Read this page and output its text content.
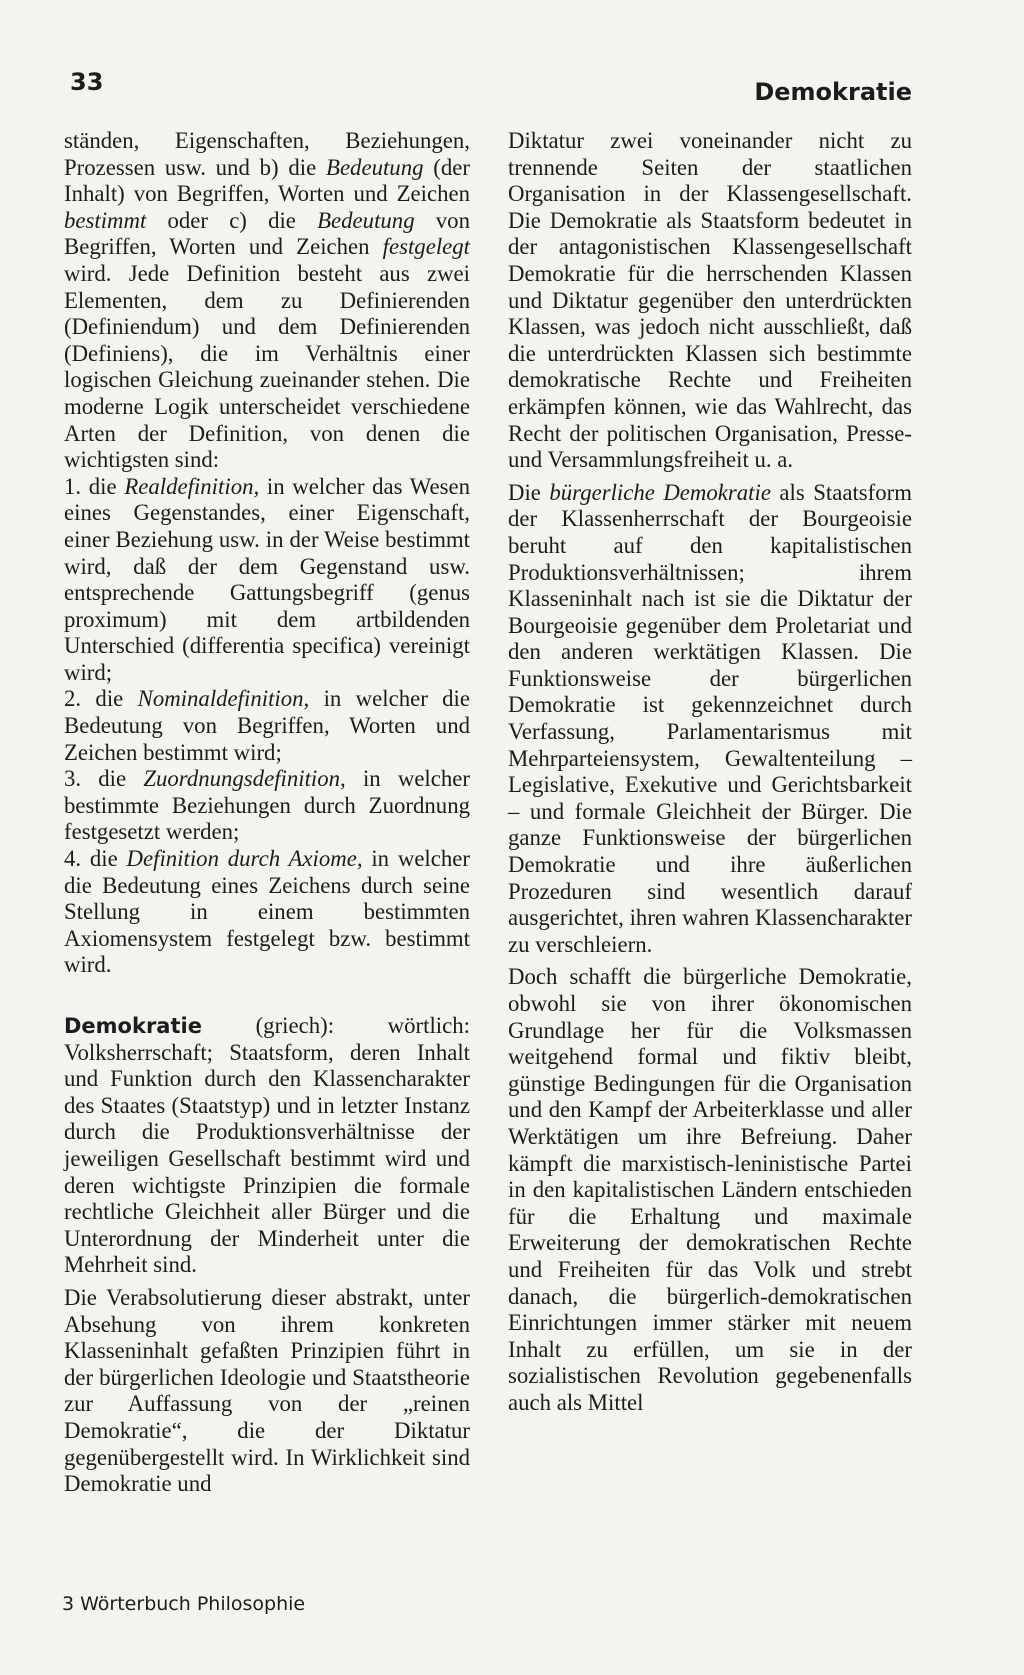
33	Demokratie

ständen, Eigenschaften, Beziehungen, Prozessen usw. und b) die Bedeutung (der Inhalt) von Begriffen, Worten und Zeichen bestimmt oder c) die Bedeutung von Begriffen, Worten und Zeichen festgelegt wird. Jede Definition besteht aus zwei Elementen, dem zu Definierenden (Definiendum) und dem Definierenden (Definiens), die im Verhältnis einer logischen Gleichung zueinander stehen. Die moderne Logik unterscheidet verschiedene Arten der Definition, von denen die wichtigsten sind:

1. die Realdefinition, in welcher das Wesen eines Gegenstandes, einer Eigenschaft, einer Beziehung usw. in der Weise bestimmt wird, daß der dem Gegenstand usw. entsprechende Gattungsbegriff (genus proximum) mit dem artbildenden Unterschied (differentia specifica) vereinigt wird;

2. die Nominaldefinition, in welcher die Bedeutung von Begriffen, Worten und Zeichen bestimmt wird;

3. die Zuordnungsdefinition, in welcher bestimmte Beziehungen durch Zuordnung festgesetzt werden;

4. die Definition durch Axiome, in welcher die Bedeutung eines Zeichens durch seine Stellung in einem bestimmten Axiomensystem festgelegt bzw. bestimmt wird.

Demokratie (griech): wörtlich: Volksherrschaft; Staatsform, deren Inhalt und Funktion durch den Klassencharakter des Staates (Staatstyp) und in letzter Instanz durch die Produktionsverhältnisse der jeweiligen Gesellschaft bestimmt wird und deren wichtigste Prinzipien die formale rechtliche Gleichheit aller Bürger und die Unterordnung der Minderheit unter die Mehrheit sind.

Die Verabsolutierung dieser abstrakt, unter Absehung von ihrem konkreten Klasseninhalt gefaßten Prinzipien führt in der bürgerlichen Ideologie und Staatstheorie zur Auffassung von der „reinen Demokratie“, die der Diktatur gegenübergestellt wird. In Wirklichkeit sind Demokratie und

Diktatur zwei voneinander nicht zu trennende Seiten der staatlichen Organisation in der Klassengesellschaft. Die Demokratie als Staatsform bedeutet in der antagonistischen Klassengesellschaft Demokratie für die herrschenden Klassen und Diktatur gegenüber den unterdrückten Klassen, was jedoch nicht ausschließt, daß die unterdrückten Klassen sich bestimmte demokratische Rechte und Freiheiten erkämpfen können, wie das Wahlrecht, das Recht der politischen Organisation, Presse- und Versammlungsfreiheit u. a.

Die bürgerliche Demokratie als Staatsform der Klassenherrschaft der Bourgeoisie beruht auf den kapitalistischen Produktionsverhältnissen; ihrem Klasseninhalt nach ist sie die Diktatur der Bourgeoisie gegenüber dem Proletariat und den anderen werktätigen Klassen. Die Funktionsweise der bürgerlichen Demokratie ist gekennzeichnet durch Verfassung, Parlamentarismus mit Mehrparteiensystem, Gewaltenteilung – Legislative, Exekutive und Gerichtsbarkeit – und formale Gleichheit der Bürger. Die ganze Funktionsweise der bürgerlichen Demokratie und ihre äußerlichen Prozeduren sind wesentlich darauf ausgerichtet, ihren wahren Klassencharakter zu verschleiern.

Doch schafft die bürgerliche Demokratie, obwohl sie von ihrer ökonomischen Grundlage her für die Volksmassen weitgehend formal und fiktiv bleibt, günstige Bedingungen für die Organisation und den Kampf der Arbeiterklasse und aller Werktätigen um ihre Befreiung. Daher kämpft die marxistisch-leninistische Partei in den kapitalistischen Ländern entschieden für die Erhaltung und maximale Erweiterung der demokratischen Rechte und Freiheiten für das Volk und strebt danach, die bürgerlich-demokratischen Einrichtungen immer stärker mit neuem Inhalt zu erfüllen, um sie in der sozialistischen Revolution gegebenenfalls auch als Mittel

3 Wörterbuch Philosophie
